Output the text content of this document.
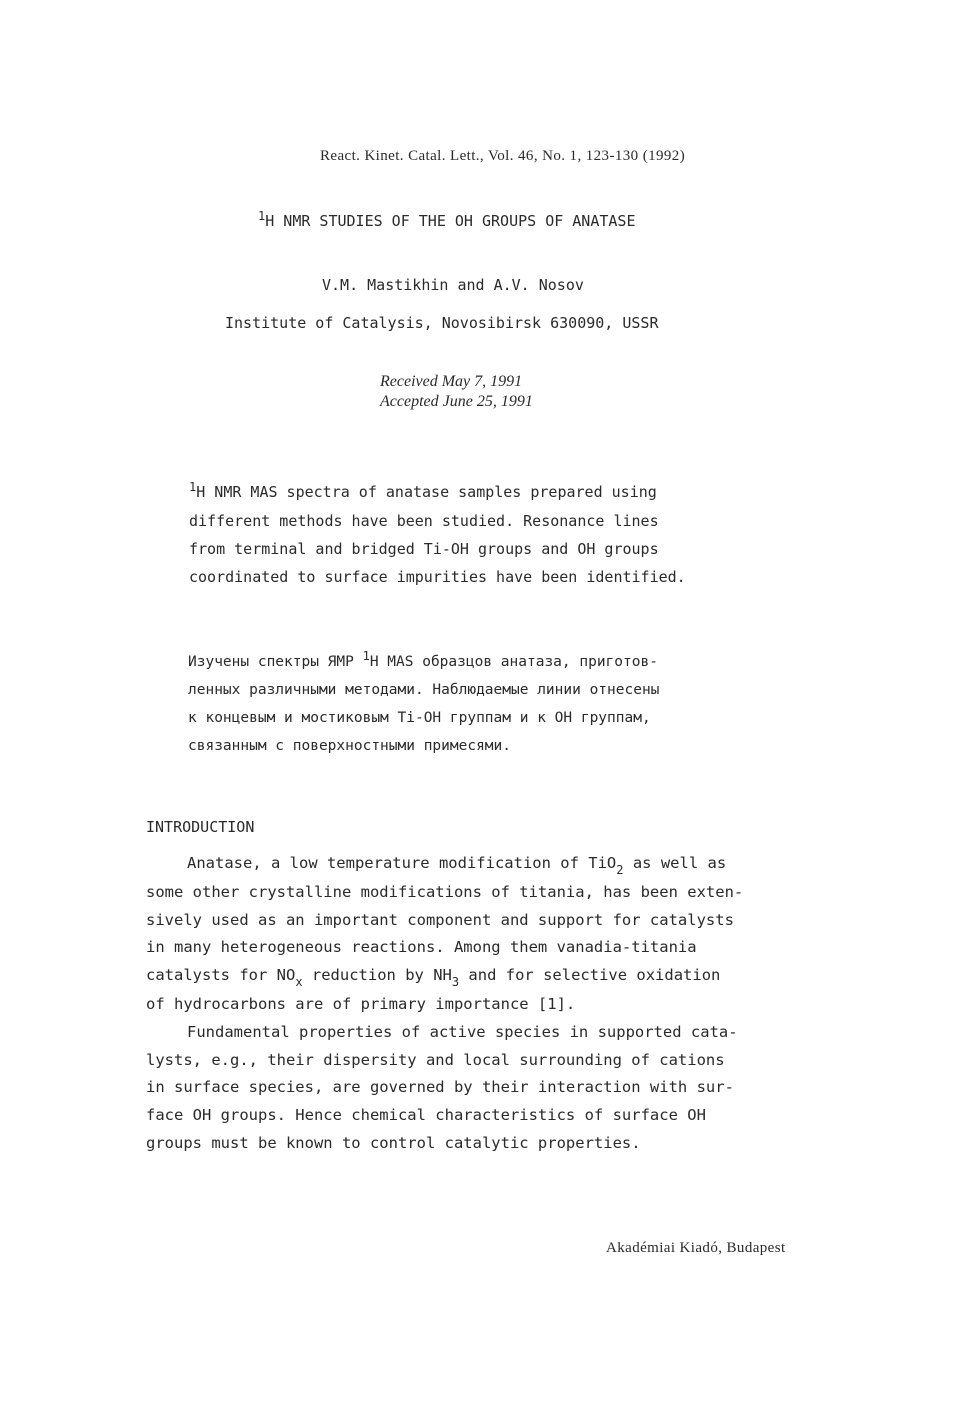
React. Kinet. Catal. Lett., Vol. 46, No. 1, 123-130 (1992)
$^1$H NMR STUDIES OF THE OH GROUPS OF ANATASE
V.M. Mastikhin and A.V. Nosov
Institute of Catalysis, Novosibirsk 630090, USSR
Received May 7, 1991
Accepted June 25, 1991
$^1$H NMR MAS spectra of anatase samples prepared using
different methods have been studied. Resonance lines
from terminal and bridged Ti-OH groups and OH groups
coordinated to surface impurities have been identified.
Изучены спектры ЯМР $^1$H MAS образцов анатаза, приготов-
ленных различными методами. Наблюдаемые линии отнесены
к концевым и мостиковым Ti-OH группам и к OH группам,
связанным с поверхностными примесями.
INTRODUCTION
Anatase, a low temperature modification of TiO$_2$ as well as
some other crystalline modifications of titania, has been exten-
sively used as an important component and support for catalysts
in many heterogeneous reactions. Among them vanadia-titania
catalysts for $NO_x$ reduction by $NH_3$ and for selective oxidation
of hydrocarbons are of primary importance [1].
Fundamental properties of active species in supported cata-
lysts, e.g., their dispersity and local surrounding of cations
in surface species, are governed by their interaction with sur-
face OH groups. Hence chemical characteristics of surface OH
groups must be known to control catalytic properties.
Akadémiai Kiadó, Budapest
